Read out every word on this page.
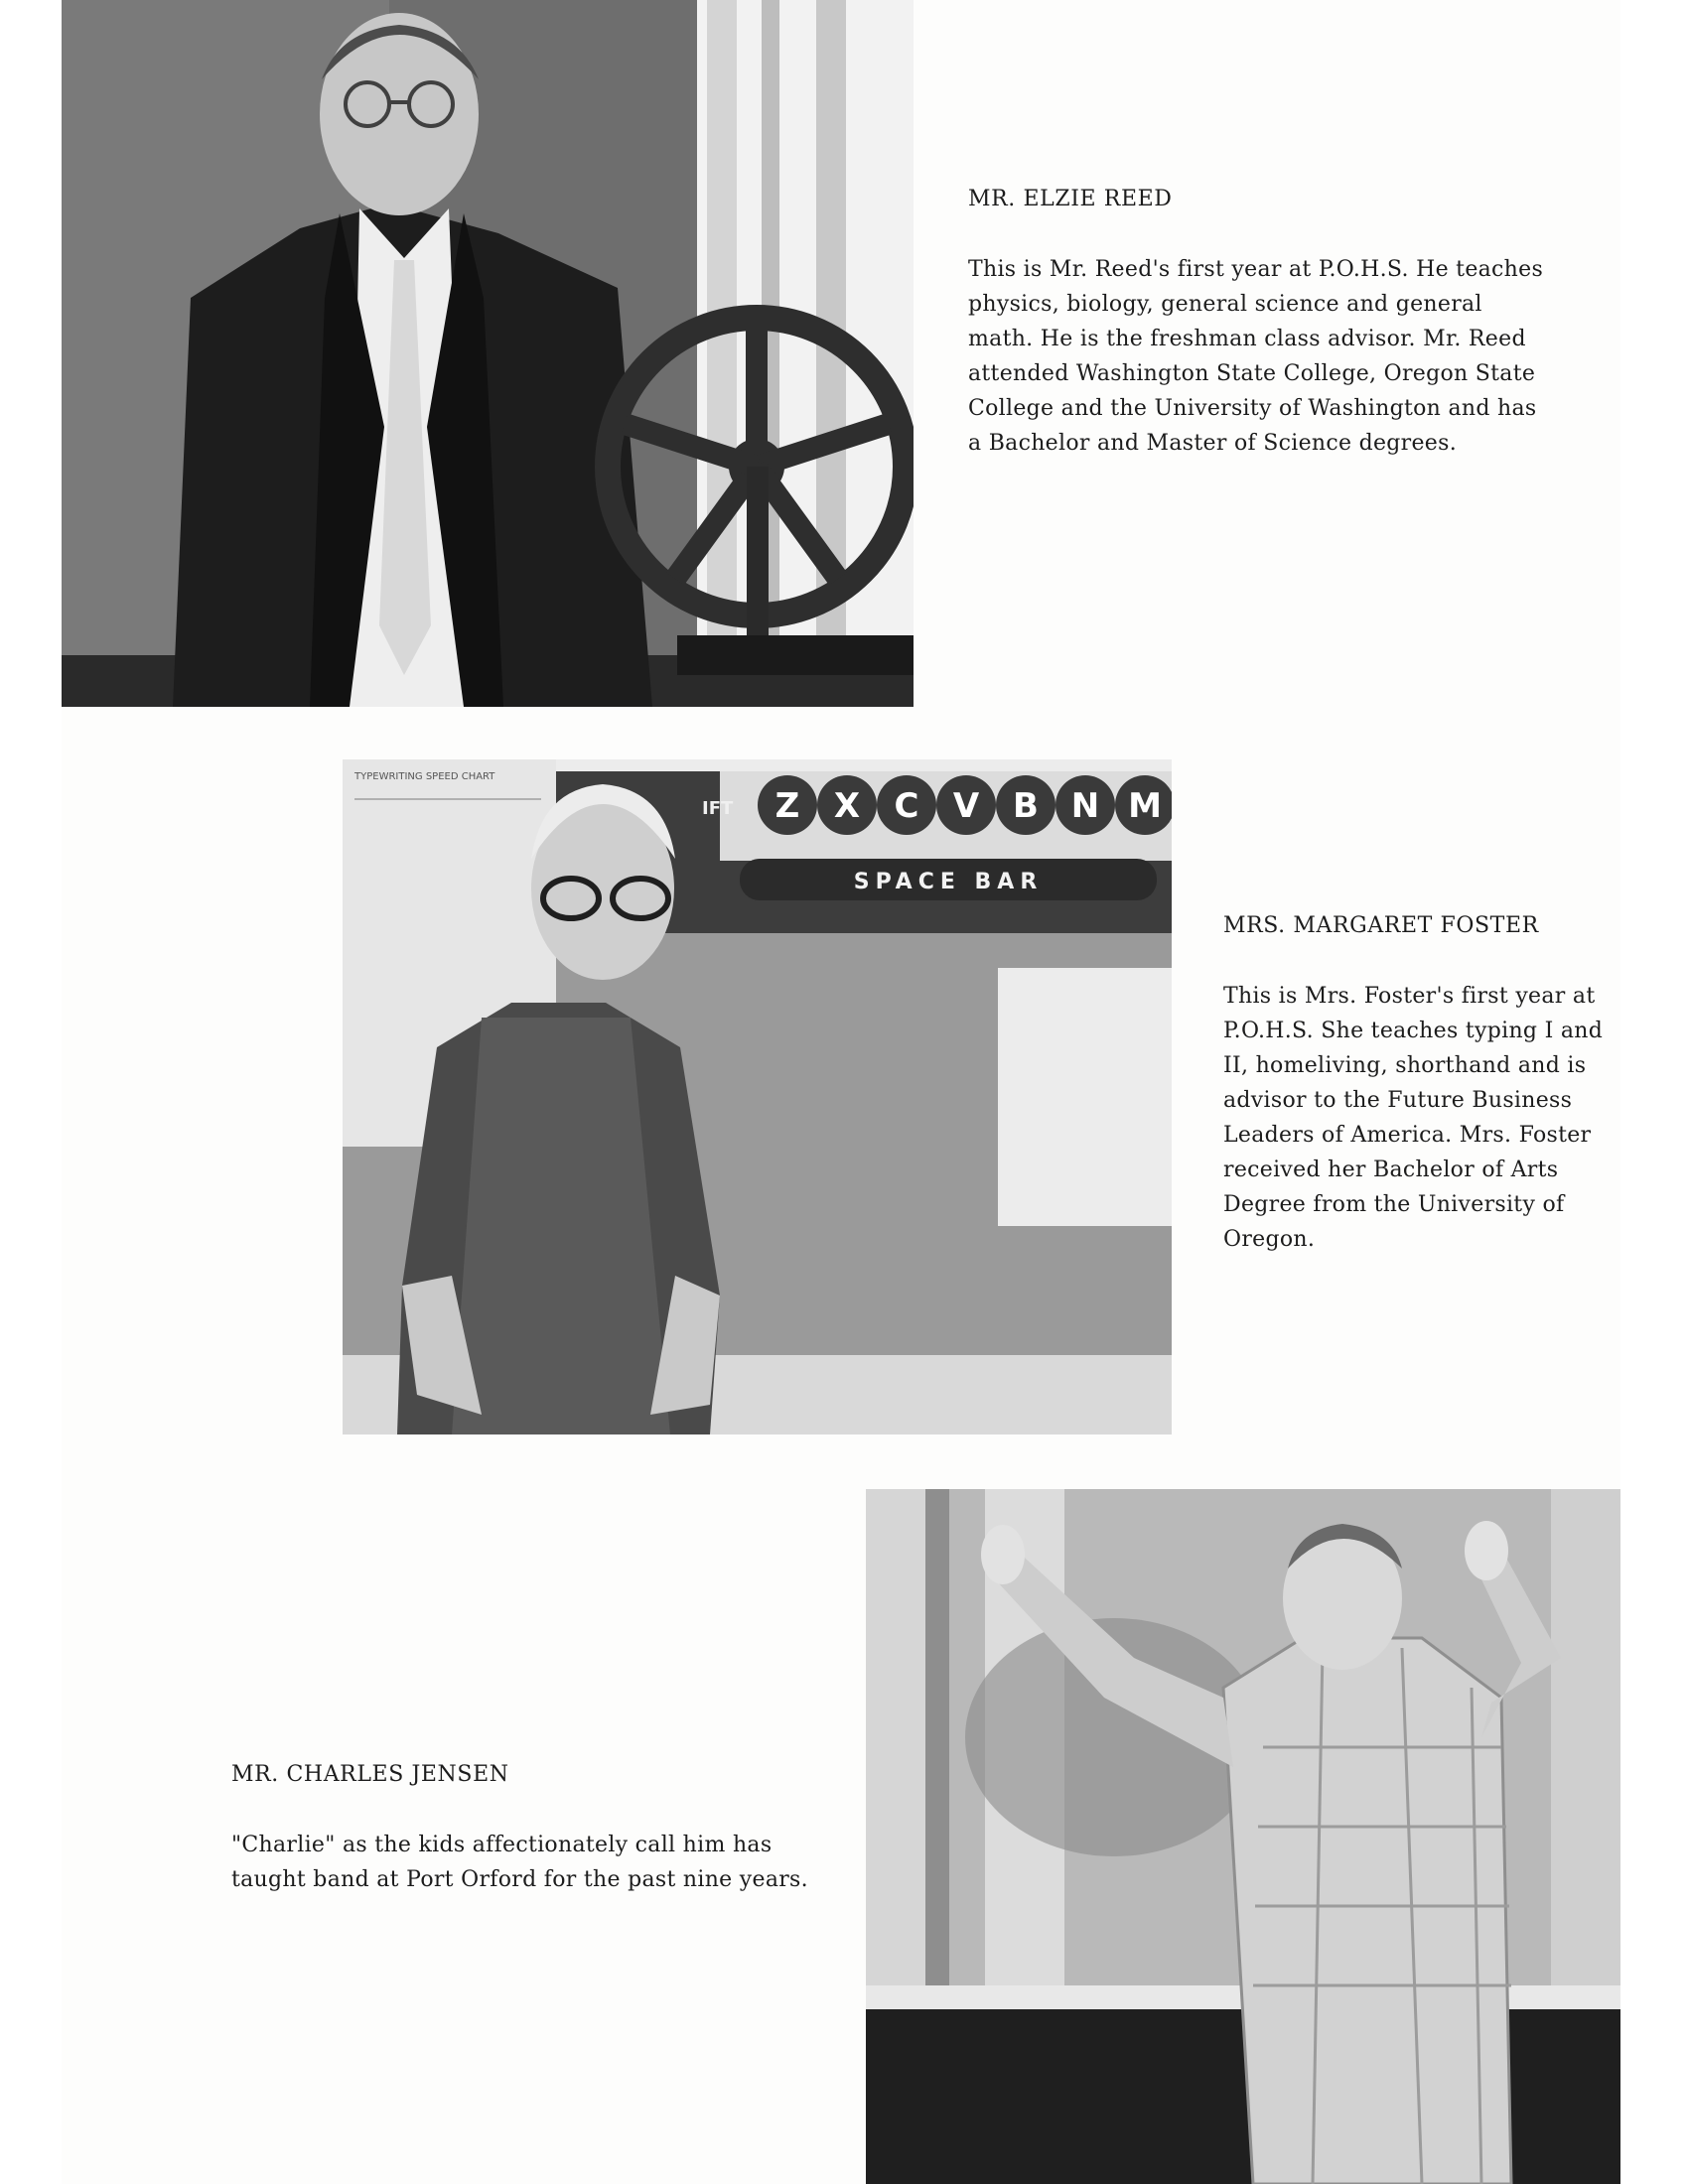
MR. ELZIE REED

This is Mr. Reed's first year at P.O.H.S. He teaches physics, biology, general science and general math. He is the freshman class advisor. Mr. Reed attended Washington State College, Oregon State College and the University of Washington and has a Bachelor and Master of Science degrees.

TYPEWRITING SPEED CHART
IFT Z X C V B N M
SPACE BAR
MRS. MARGARET FOSTER

This is Mrs. Foster's first year at P.O.H.S. She teaches typing I and II, homeliving, shorthand and is advisor to the Future Business Leaders of America. Mrs. Foster received her Bachelor of Arts Degree from the University of Oregon.

MR. CHARLES JENSEN

"Charlie" as the kids affectionately call him has taught band at Port Orford for the past nine years.
